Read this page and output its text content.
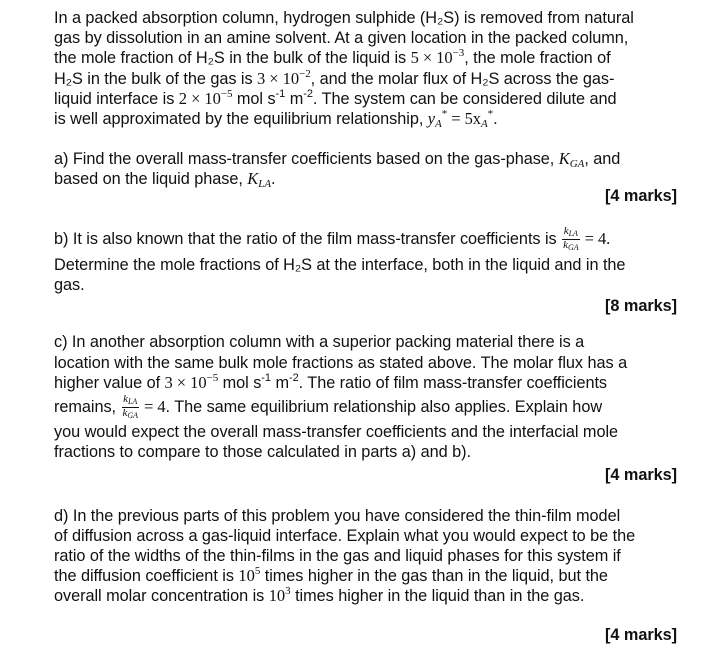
In a packed absorption column, hydrogen sulphide (H₂S) is removed from natural
gas by dissolution in an amine solvent. At a given location in the packed column,
the mole fraction of H₂S in the bulk of the liquid is $5 \times 10^{-3}$, the mole fraction of
H₂S in the bulk of the gas is $3 \times 10^{-2}$, and the molar flux of H₂S across the gas-
liquid interface is $2 \times 10^{-5}$ mol $s^{-1}$ $m^{-2}$. The system can be considered dilute and
is well approximated by the equilibrium relationship, $y_A^* = 5x_A^*$.
a) Find the overall mass-transfer coefficients based on the gas-phase, $K_{GA}$, and
based on the liquid phase, $K_{LA}$.
[4 marks]
b) It is also known that the ratio of the film mass-transfer coefficients is $\frac{\text{kLA}}{\text{kGA}} = 4$.
Determine the mole fractions of H₂S at the interface, both in the liquid and in the
gas.
[8 marks]
c) In another absorption column with a superior packing material there is a
location with the same bulk mole fractions as stated above. The molar flux has a
higher value of $3 \times 10^{-5}$ mol $s^{-1}$ $m^{-2}$. The ratio of film mass-transfer coefficients
remains, $\frac{\text{kLA}}{\text{kGA}} = 4$. The same equilibrium relationship also applies. Explain how
you would expect the overall mass-transfer coefficients and the interfacial mole
fractions to compare to those calculated in parts a) and b).
[4 marks]
d) In the previous parts of this problem you have considered the thin-film model
of diffusion across a gas-liquid interface. Explain what you would expect to be the
ratio of the widths of the thin-films in the gas and liquid phases for this system if
the diffusion coefficient is $10^5$ times higher in the gas than in the liquid, but the
overall molar concentration is $10^3$ times higher in the liquid than in the gas.
[4 marks]
